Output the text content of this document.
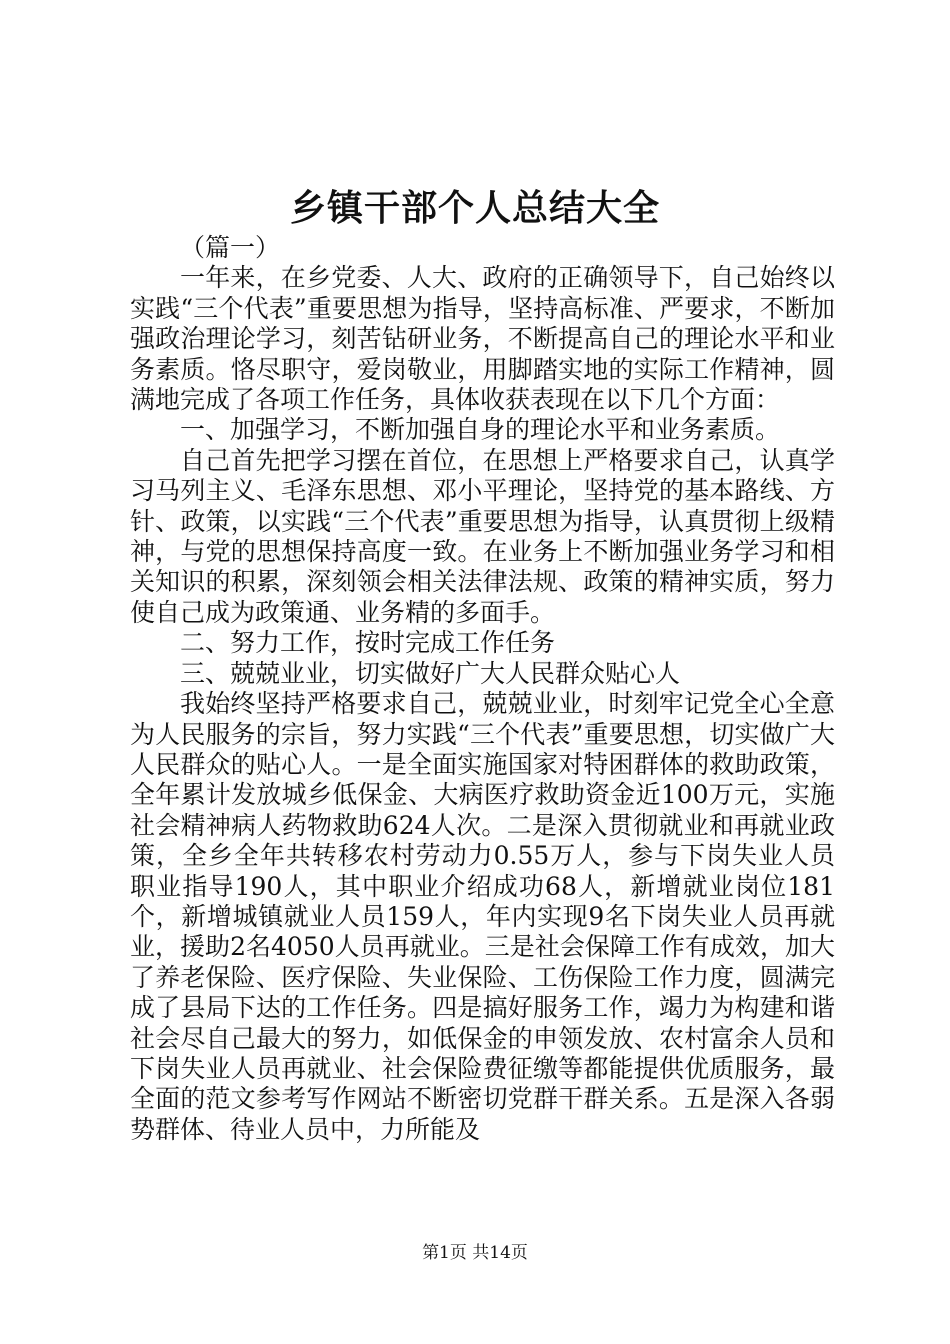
乡镇干部个人总结大全

（篇一）

一年来，在乡党委、人大、政府的正确领导下，自己始终以实践“三个代表”重要思想为指导，坚持高标准、严要求，不断加强政治理论学习，刻苦钻研业务，不断提高自己的理论水平和业务素质。恪尽职守，爱岗敬业，用脚踏实地的实际工作精神，圆满地完成了各项工作任务，具体收获表现在以下几个方面：

一、加强学习，不断加强自身的理论水平和业务素质。

自己首先把学习摆在首位，在思想上严格要求自己，认真学习马列主义、毛泽东思想、邓小平理论，坚持党的基本路线、方针、政策，以实践“三个代表”重要思想为指导，认真贯彻上级精神，与党的思想保持高度一致。在业务上不断加强业务学习和相关知识的积累，深刻领会相关法律法规、政策的精神实质，努力使自己成为政策通、业务精的多面手。

二、努力工作，按时完成工作任务

三、兢兢业业，切实做好广大人民群众贴心人

我始终坚持严格要求自己，兢兢业业，时刻牢记党全心全意为人民服务的宗旨，努力实践“三个代表”重要思想，切实做广大人民群众的贴心人。一是全面实施国家对特困群体的救助政策，全年累计发放城乡低保金、大病医疗救助资金近100万元，实施社会精神病人药物救助624人次。二是深入贯彻就业和再就业政策，全乡全年共转移农村劳动力0.55万人，参与下岗失业人员职业指导190人，其中职业介绍成功68人，新增就业岗位181个，新增城镇就业人员159人，年内实现9名下岗失业人员再就业，援助2名4050人员再就业。三是社会保障工作有成效，加大了养老保险、医疗保险、失业保险、工伤保险工作力度，圆满完成了县局下达的工作任务。四是搞好服务工作，竭力为构建和谐社会尽自己最大的努力，如低保金的申领发放、农村富余人员和下岗失业人员再就业、社会保险费征缴等都能提供优质服务，最全面的范文参考写作网站不断密切党群干群关系。五是深入各弱势群体、待业人员中，力所能及

第1页 共14页
